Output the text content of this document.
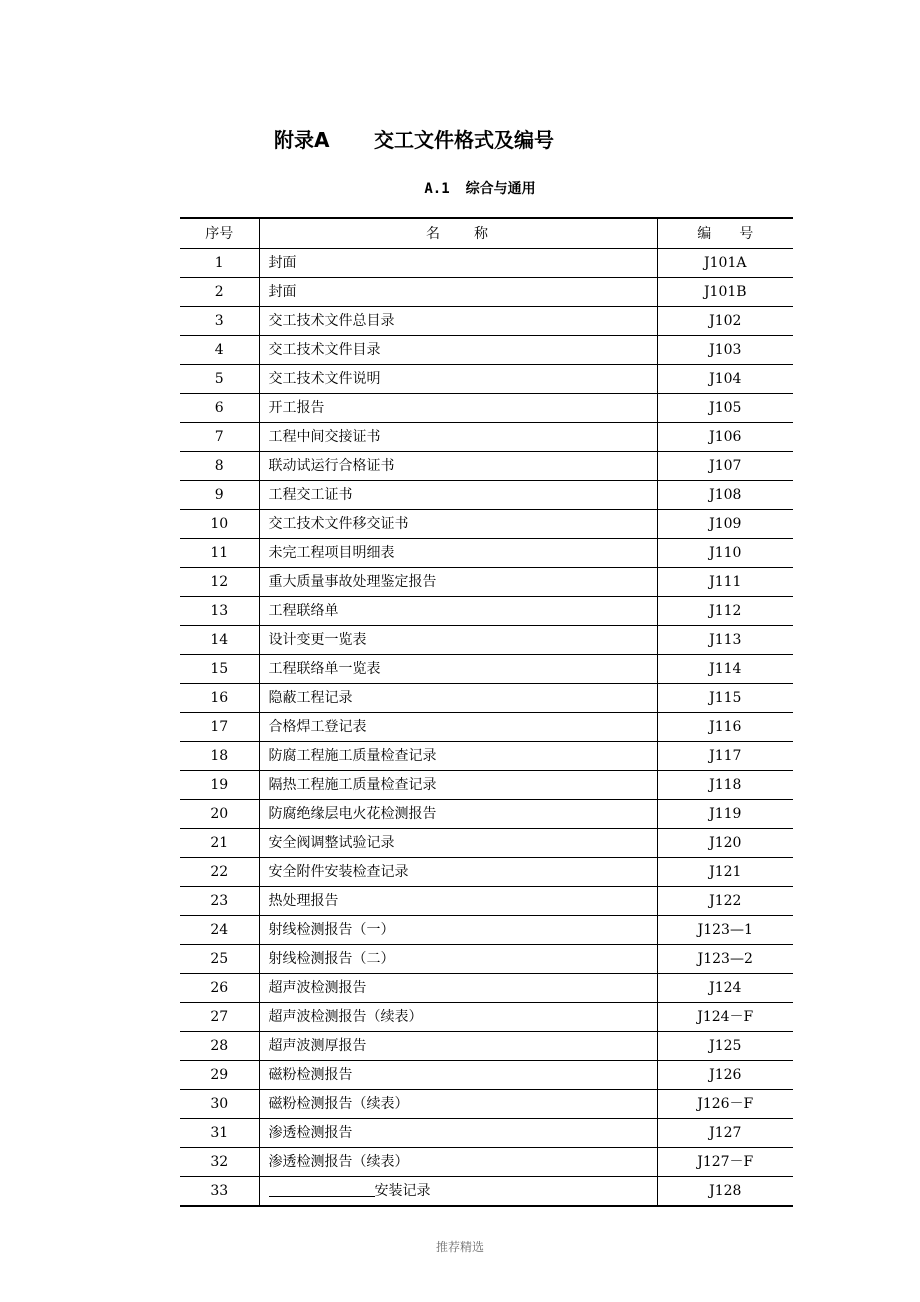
附录A 交工文件格式及编号
A.1 综合与通用
序号	名　　称	编　　号
1	封面	J101A
2	封面	J101B
3	交工技术文件总目录	J102
4	交工技术文件目录	J103
5	交工技术文件说明	J104
6	开工报告	J105
7	工程中间交接证书	J106
8	联动试运行合格证书	J107
9	工程交工证书	J108
10	交工技术文件移交证书	J109
11	未完工程项目明细表	J110
12	重大质量事故处理鉴定报告	J111
13	工程联络单	J112
14	设计变更一览表	J113
15	工程联络单一览表	J114
16	隐蔽工程记录	J115
17	合格焊工登记表	J116
18	防腐工程施工质量检查记录	J117
19	隔热工程施工质量检查记录	J118
20	防腐绝缘层电火花检测报告	J119
21	安全阀调整试验记录	J120
22	安全附件安装检查记录	J121
23	热处理报告	J122
24	射线检测报告（一）	J123—1
25	射线检测报告（二）	J123—2
26	超声波检测报告	J124
27	超声波检测报告（续表）	J124－F
28	超声波测厚报告	J125
29	磁粉检测报告	J126
30	磁粉检测报告（续表）	J126－F
31	渗透检测报告	J127
32	渗透检测报告（续表）	J127－F
33	安装记录	J128
推荐精选
